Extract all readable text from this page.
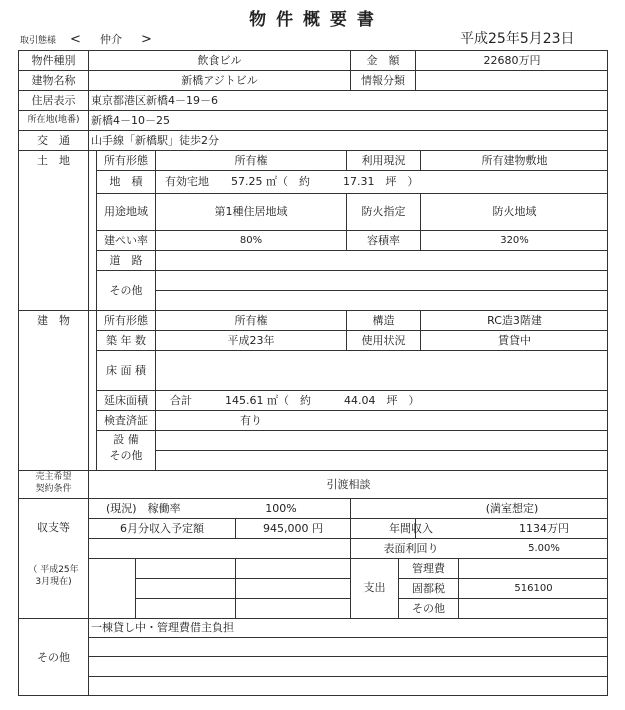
物 件 概 要 書
取引態様 < 仲介 >	平成25年5月23日
物件種別	飲食ビル	金　額	22680万円
建物名称	新橋アジトビル	情報分類
住居表示	東京都港区新橋4－19－6
所在地(地番)	新橋4－10－25
交　通	山手線「新橋駅」徒歩2分
土　地	所有形態	所有権	利用現況	所有建物敷地
地　積	有効宅地　　57.25 ㎡（　約　　　17.31　坪　）
用途地域	第1種住居地域	防火指定	防火地域
建ぺい率	80%	容積率	320%
道　路
その他
建　物	所有形態	所有権	構造	RC造3階建
築 年 数	平成23年	使用状況	賃貸中
床 面 積
延床面積	合計　　　145.61 ㎡（　約　　　44.04　坪　）
検査済証	有り
設 備
その他
売主希望
契約条件	引渡相談
収支等
（ 平成25年
3月現在)
(現況)　稼働率	100%	(満室想定)
6月分収入予定額	945,000 円	年間収入	1134万円
表面利回り	5.00%
支出
管理費
固都税	516100
その他
その他
一棟貸し中・管理費借主負担
